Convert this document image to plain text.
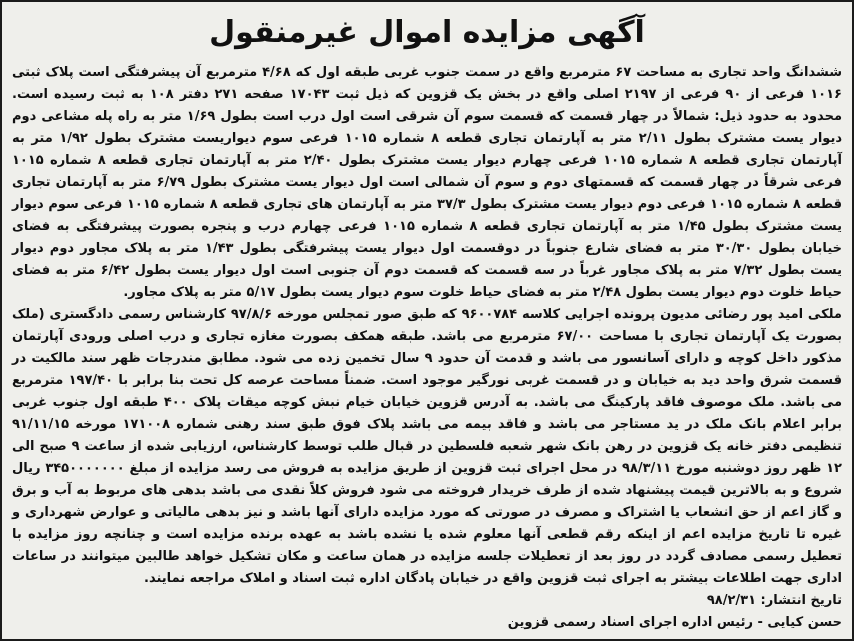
آگهی مزایده اموال غیرمنقول

ششدانگ واحد تجاری به مساحت ۶۷ مترمربع واقع در سمت جنوب غربی طبقه اول که ۴/۶۸ مترمربع آن پیشرفتگی است پلاک ثبتی ۱۰۱۶ فرعی از ۹۰ فرعی از ۲۱۹۷ اصلی واقع در بخش یک قزوین که ذیل ثبت ۱۷۰۴۳ صفحه ۲۷۱ دفتر ۱۰۸ به ثبت رسیده است. محدود به حدود ذیل: شمالاً در چهار قسمت که قسمت سوم آن شرقی است اول درب است بطول ۱/۶۹ متر به راه پله مشاعی دوم دیوار یست مشترک بطول ۲/۱۱ متر به آپارتمان تجاری قطعه ۸ شماره ۱۰۱۵ فرعی سوم دیواریست مشترک بطول ۱/۹۲ متر به آپارتمان تجاری قطعه ۸ شماره ۱۰۱۵ فرعی چهارم دیوار یست مشترک بطول ۲/۴۰ متر به آپارتمان تجاری قطعه ۸ شماره ۱۰۱۵ فرعی شرقاً در چهار قسمت که قسمتهای دوم و سوم آن شمالی است اول دیوار یست مشترک بطول ۶/۷۹ متر به آپارتمان تجاری قطعه ۸ شماره ۱۰۱۵ فرعی دوم دیوار یست مشترک بطول ۳۷/۳ متر به آپارتمان های تجاری قطعه ۸ شماره ۱۰۱۵ فرعی سوم دیوار یست مشترک بطول ۱/۴۵ متر به آپارتمان تجاری قطعه ۸ شماره ۱۰۱۵ فرعی چهارم درب و پنجره بصورت پیشرفتگی به فضای خیابان بطول ۳۰/۳۰ متر به فضای شارع جنوباً در دوقسمت اول دیوار یست پیشرفتگی بطول ۱/۴۳ متر به پلاک مجاور دوم دیوار یست بطول ۷/۳۲ متر به پلاک مجاور غرباً در سه قسمت که قسمت دوم آن جنوبی است اول دیوار یست بطول ۶/۴۲ متر به فضای حیاط خلوت دوم دیوار یست بطول ۲/۴۸ متر به فضای حیاط خلوت سوم دیوار یست بطول ۵/۱۷ متر به پلاک مجاور.

ملکی امید پور رضائی مدیون پرونده اجرایی کلاسه ۹۶۰۰۷۸۴ که طبق صور تمجلس مورخه ۹۷/۸/۶ کارشناس رسمی دادگستری (ملک بصورت یک آپارتمان تجاری با مساحت ۶۷/۰۰ مترمربع می باشد. طبقه همکف بصورت مغازه تجاری و درب اصلی ورودی آپارتمان مذکور داخل کوچه و دارای آسانسور می باشد و قدمت آن حدود ۹ سال تخمین زده می شود. مطابق مندرجات ظهر سند مالکیت در قسمت شرق واحد دید به خیابان و در قسمت غربی نورگیر موجود است. ضمناً مساحت عرصه کل تحت بنا برابر با ۱۹۷/۴۰ مترمربع می باشد. ملک موصوف فاقد پارکینگ می باشد. به آدرس قزوین خیابان خیام نبش کوچه میقات پلاک ۴۰۰ طبقه اول جنوب غربی برابر اعلام بانک ملک در ید مستاجر می باشد و فاقد بیمه می باشد پلاک فوق طبق سند رهنی شماره ۱۷۱۰۰۸ مورخه ۹۱/۱۱/۱۵ تنظیمی دفتر خانه یک قزوین در رهن بانک شهر شعبه فلسطین در قبال طلب توسط کارشناس، ارزیابی شده از ساعت ۹ صبح الی ۱۲ ظهر روز دوشنبه مورخ ۹۸/۳/۱۱ در محل اجرای ثبت قزوین از طریق مزایده به فروش می رسد مزایده از مبلغ ۳۴۵۰۰۰۰۰۰۰ ریال شروع و به بالاترین قیمت پیشنهاد شده از طرف خریدار فروخته می شود فروش کلاً نقدی می باشد بدهی های مربوط به آب و برق و گاز اعم از حق انشعاب یا اشتراک و مصرف در صورتی که مورد مزایده دارای آنها باشد و نیز بدهی مالیاتی و عوارض شهرداری و غیره تا تاریخ مزایده اعم از اینکه رقم قطعی آنها معلوم شده یا نشده باشد به عهده برنده مزایده است و چنانچه روز مزایده با تعطیل رسمی مصادف گردد در روز بعد از تعطیلات جلسه مزایده در همان ساعت و مکان تشکیل خواهد طالبین میتوانند در ساعات اداری جهت اطلاعات بیشتر به اجرای ثبت قزوین واقع در خیابان پادگان اداره ثبت اسناد و املاک مراجعه نمایند.

تاریخ انتشار: ۹۸/۲/۳۱
حسن کیایی - رئیس اداره اجرای اسناد رسمی قزوین
